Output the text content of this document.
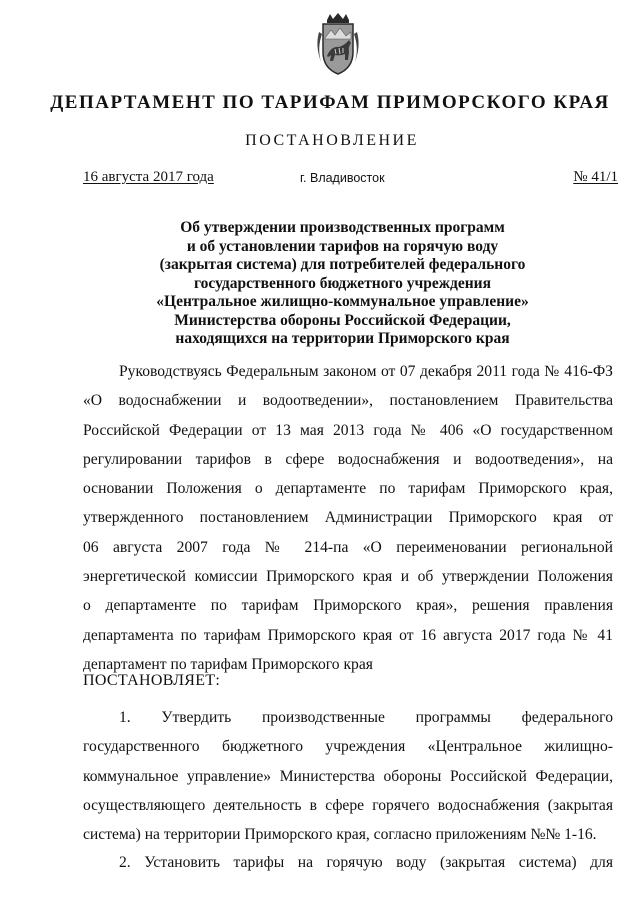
ДЕПАРТАМЕНТ ПО ТАРИФАМ ПРИМОРСКОГО КРАЯ
ПОСТАНОВЛЕНИЕ
16 августа 2017 года	г. Владивосток	№ 41/1
Об утверждении производственных программ
и об установлении тарифов на горячую воду
(закрытая система) для потребителей федерального
государственного бюджетного учреждения
«Центральное жилищно-коммунальное управление»
Министерства обороны Российской Федерации,
находящихся на территории Приморского края
Руководствуясь Федеральным законом от 07 декабря 2011 года № 416-ФЗ
«О водоснабжении и водоотведении», постановлением Правительства
Российской Федерации от 13 мая 2013 года № 406 «О государственном
регулировании тарифов в сфере водоснабжения и водоотведения», на
основании Положения о департаменте по тарифам Приморского края,
утвержденного постановлением Администрации Приморского края от
06 августа 2007 года № 214-па «О переименовании региональной
энергетической комиссии Приморского края и об утверждении Положения
о департаменте по тарифам Приморского края», решения правления
департамента по тарифам Приморского края от 16 августа 2017 года № 41
департамент по тарифам Приморского края
ПОСТАНОВЛЯЕТ:
1. Утвердить производственные программы федерального
государственного бюджетного учреждения «Центральное жилищно-
коммунальное управление» Министерства обороны Российской Федерации,
осуществляющего деятельность в сфере горячего водоснабжения (закрытая
система) на территории Приморского края, согласно приложениям №№ 1-16.
2. Установить тарифы на горячую воду (закрытая система) для
